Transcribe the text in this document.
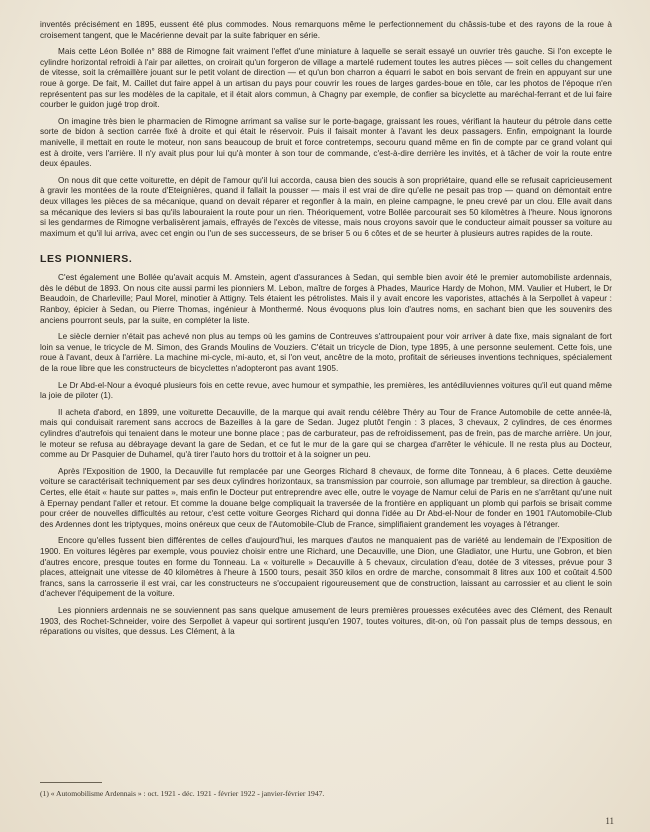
inventés précisément en 1895, eussent été plus commodes. Nous remarquons même le perfectionnement du châssis-tube et des rayons de la roue à croisement tangent, que le Macérienne devait par la suite fabriquer en série.

Mais cette Léon Bollée n° 888 de Rimogne fait vraiment l'effet d'une miniature à laquelle se serait essayé un ouvrier très gauche. Si l'on excepte le cylindre horizontal refroidi à l'air par ailettes, on croirait qu'un forgeron de village a martelé rudement toutes les autres pièces — soit celles du changement de vitesse, soit la crémaillère jouant sur le petit volant de direction — et qu'un bon charron a équarri le sabot en bois servant de frein en appuyant sur une roue à gorge. De fait, M. Caillet dut faire appel à un artisan du pays pour couvrir les roues de larges gardes-boue en tôle, car les photos de l'époque n'en représentent pas sur les modèles de la capitale, et il était alors commun, à Chagny par exemple, de confier sa bicyclette au maréchal-ferrant et de lui faire courber le guidon jugé trop droit.

On imagine très bien le pharmacien de Rimogne arrimant sa valise sur le porte-bagage, graissant les roues, vérifiant la hauteur du pétrole dans cette sorte de bidon à section carrée fixé à droite et qui était le réservoir. Puis il faisait monter à l'avant les deux passagers. Enfin, empoignant la lourde manivelle, il mettait en route le moteur, non sans beaucoup de bruit et force contretemps, secouru quand même en fin de compte par ce grand volant qui est à droite, vers l'arrière. Il n'y avait plus pour lui qu'à monter à son tour de commande, c'est-à-dire derrière les invités, et à tâcher de voir la route entre deux épaules.

On nous dit que cette voiturette, en dépit de l'amour qu'il lui accorda, causa bien des soucis à son propriétaire, quand elle se refusait capricieusement à gravir les montées de la route d'Eteignières, quand il fallait la pousser — mais il est vrai de dire qu'elle ne pesait pas trop — quand on démontait entre deux villages les pièces de sa mécanique, quand on devait réparer et regonfler à la main, en pleine campagne, le pneu crevé par un clou. Elle avait dans sa mécanique des leviers si bas qu'ils labouraient la route pour un rien. Théoriquement, votre Bollée parcourait ses 50 kilomètres à l'heure. Nous ignorons si les gendarmes de Rimogne verbalisèrent jamais, effrayés de l'excès de vitesse, mais nous croyons savoir que le conducteur aimait pousser sa voiture au maximum et qu'il lui arriva, avec cet engin ou l'un de ses successeurs, de se briser 5 ou 6 côtes et de se heurter à plusieurs autres rapides de la route.

LES PIONNIERS.

C'est également une Bollée qu'avait acquis M. Amstein, agent d'assurances à Sedan, qui semble bien avoir été le premier automobiliste ardennais, dès le début de 1893. On nous cite aussi parmi les pionniers M. Lebon, maître de forges à Phades, Maurice Hardy de Mohon, MM. Vaulier et Hubert, le Dr Beaudoin, de Charleville; Paul Morel, minotier à Attigny. Tels étaient les pétrolistes. Mais il y avait encore les vaporistes, attachés à la Serpollet à vapeur : Ranboy, épicier à Sedan, ou Pierre Thomas, ingénieur à Monthermé. Nous évoquons plus loin d'autres noms, en sachant bien que les souvenirs des anciens pourront seuls, par la suite, en compléter la liste.

Le siècle dernier n'était pas achevé non plus au temps où les gamins de Contreuves s'attroupaient pour voir arriver à date fixe, mais signalant de fort loin sa venue, le tricycle de M. Simon, des Grands Moulins de Vouziers. C'était un tricycle de Dion, type 1895, à une personne seulement. Cette fois, une roue à l'avant, deux à l'arrière. La machine mi-cycle, mi-auto, et, si l'on veut, ancêtre de la moto, profitait de sérieuses inventions techniques, spécialement de la roue libre que les constructeurs de bicyclettes n'adopteront pas avant 1905.

Le Dr Abd-el-Nour a évoqué plusieurs fois en cette revue, avec humour et sympathie, les premières, les antédiluviennes voitures qu'il eut quand même la joie de piloter (1).

Il acheta d'abord, en 1899, une voiturette Decauville, de la marque qui avait rendu célèbre Théry au Tour de France Automobile de cette année-là, mais qui conduisait rarement sans accrocs de Bazeilles à la gare de Sedan. Jugez plutôt l'engin : 3 places, 3 chevaux, 2 cylindres, de ces énormes cylindres d'autrefois qui tenaient dans le moteur une bonne place ; pas de carburateur, pas de refroidissement, pas de frein, pas de marche arrière. Un jour, le moteur se refusa au débrayage devant la gare de Sedan, et ce fut le mur de la gare qui se chargea d'arrêter le véhicule. Il ne resta plus au Docteur, comme au Dr Pasquier de Duhamel, qu'à tirer l'auto hors du trottoir et à la soigner un peu.

Après l'Exposition de 1900, la Decauville fut remplacée par une Georges Richard 8 chevaux, de forme dite Tonneau, à 6 places. Cette deuxième voiture se caractérisait techniquement par ses deux cylindres horizontaux, sa transmission par courroie, son allumage par trembleur, sa direction à gauche. Certes, elle était « haute sur pattes », mais enfin le Docteur put entreprendre avec elle, outre le voyage de Namur celui de Paris en ne s'arrêtant qu'une nuit à Epernay pendant l'aller et retour. Et comme la douane belge compliquait la traversée de la frontière en appliquant un plomb qui parfois se brisait comme pour créer de nouvelles difficultés au retour, c'est cette voiture Georges Richard qui donna l'idée au Dr Abd-el-Nour de fonder en 1901 l'Automobile-Club des Ardennes dont les triptyques, moins onéreux que ceux de l'Automobile-Club de France, simplifiaient grandement les voyages à l'étranger.

Encore qu'elles fussent bien différentes de celles d'aujourd'hui, les marques d'autos ne manquaient pas de variété au lendemain de l'Exposition de 1900. En voitures légères par exemple, vous pouviez choisir entre une Richard, une Decauville, une Dion, une Gladiator, une Hurtu, une Gobron, et bien d'autres encore, presque toutes en forme du Tonneau. La « voiturelle » Decauville à 5 chevaux, circulation d'eau, dotée de 3 vitesses, prévue pour 3 places, atteignait une vitesse de 40 kilomètres à l'heure à 1500 tours, pesait 350 kilos en ordre de marche, consommait 8 litres aux 100 et coûtait 4.500 francs, sans la carrosserie il est vrai, car les constructeurs ne s'occupaient rigoureusement que de construction, laissant au carrossier et au client le soin d'achever l'équipement de la voiture.

Les pionniers ardennais ne se souviennent pas sans quelque amusement de leurs premières prouesses exécutées avec des Clément, des Renault 1903, des Rochet-Schneider, voire des Serpollet à vapeur qui sortirent jusqu'en 1907, toutes voitures, dit-on, où l'on passait plus de temps dessous, en réparations ou visites, que dessus. Les Clément, à la

(1) « Automobilisme Ardennais » : oct. 1921 - déc. 1921 - février 1922 - janvier-février 1947.
11
